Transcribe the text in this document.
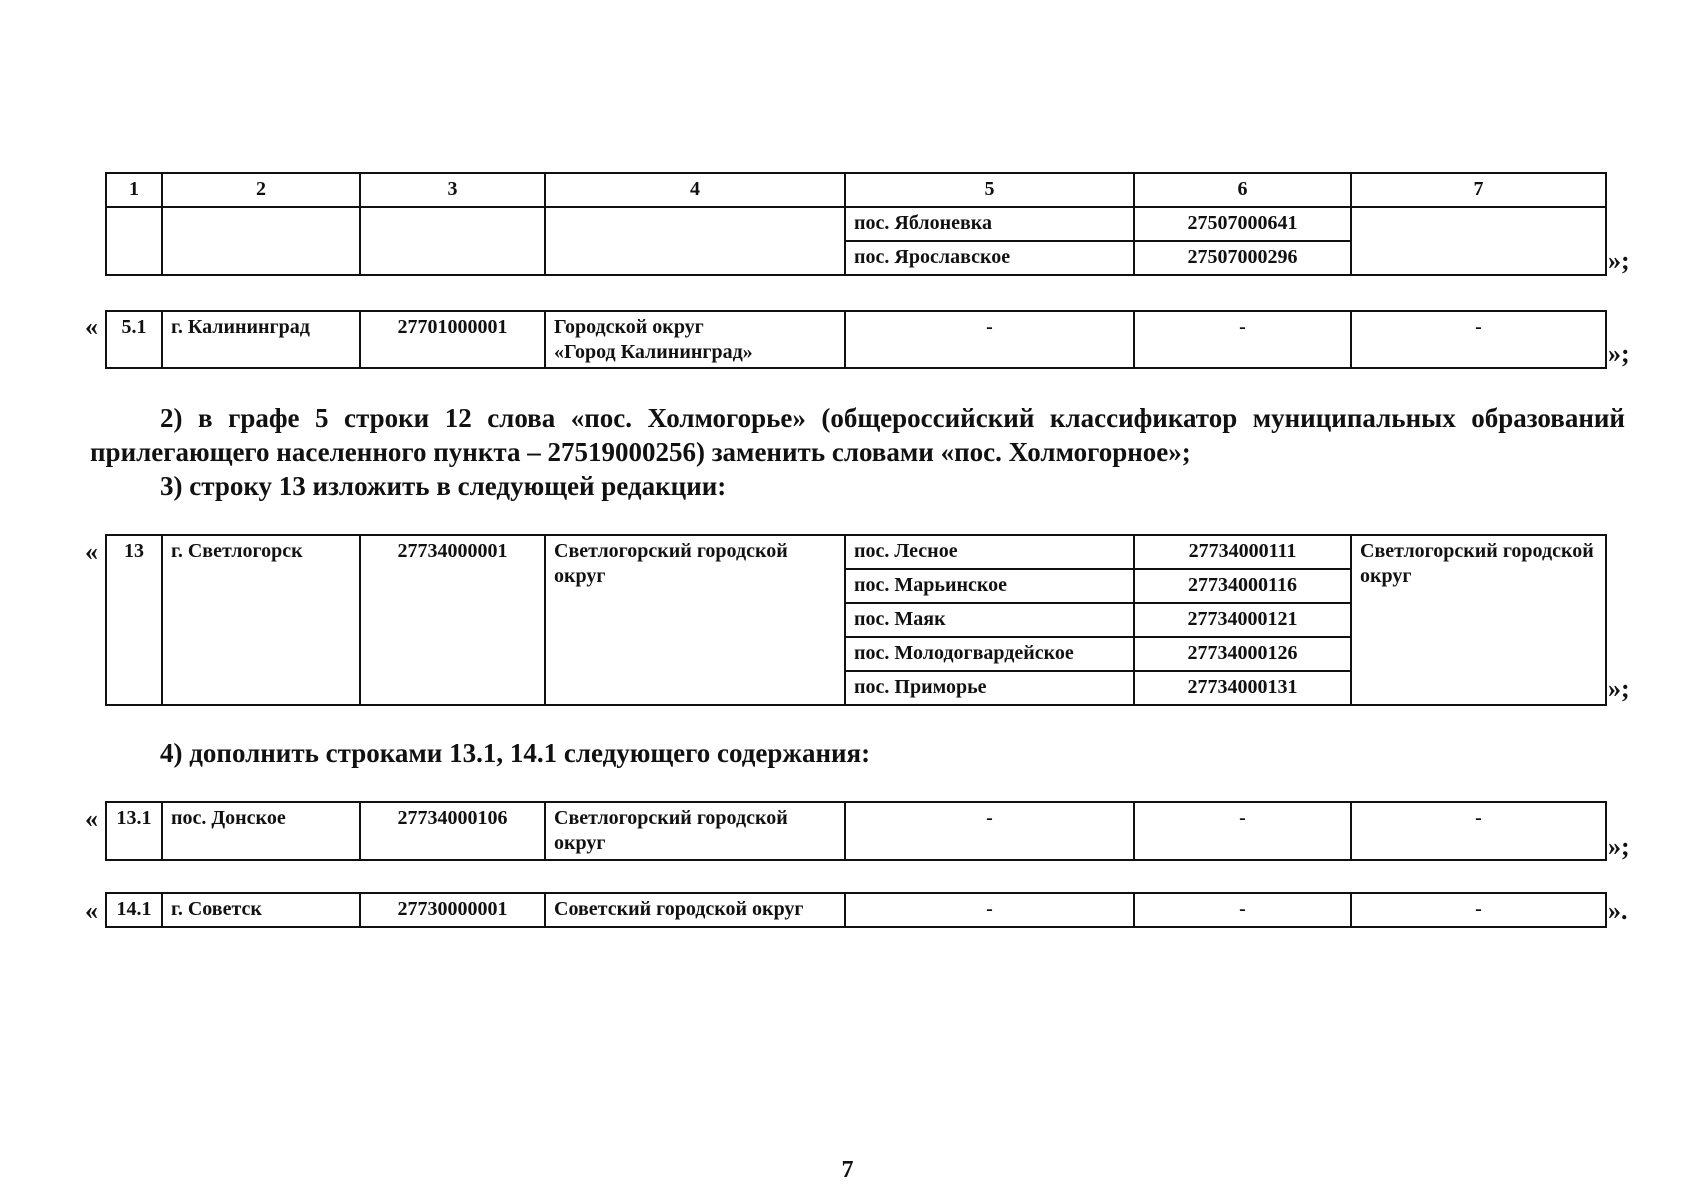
1	2	3	4	5	6	7
				пос. Яблоневка	27507000641	
				пос. Ярославское	27507000296		»;
« 5.1	г. Калининград	27701000001	Городской округ
«Город Калининград»
	-	-	-
»;
2) в графе 5 строки 12 слова «пос. Холмогорье» (общероссийский классификатор муниципальных образований прилегающего населенного пункта – 27519000256) заменить словами «пос. Холмогорное»;
3) строку 13 изложить в следующей редакции:
« 13	г. Светлогорск	27734000001	Светлогорский городской округ	пос. Лесное	27734000111	Светлогорский городской округ
				пос. Марьинское	27734000116	
				пос. Маяк	27734000121	
				пос. Молодогвардейское	27734000126	
				пос. Приморье	27734000131		»;
4) дополнить строками 13.1, 14.1 следующего содержания:
« 13.1	пос. Донское	27734000106	Светлогорский городской округ	-	-	-
»;
« 14.1	г. Советск	27730000001	Советский городской округ	-	-	-	».
7
